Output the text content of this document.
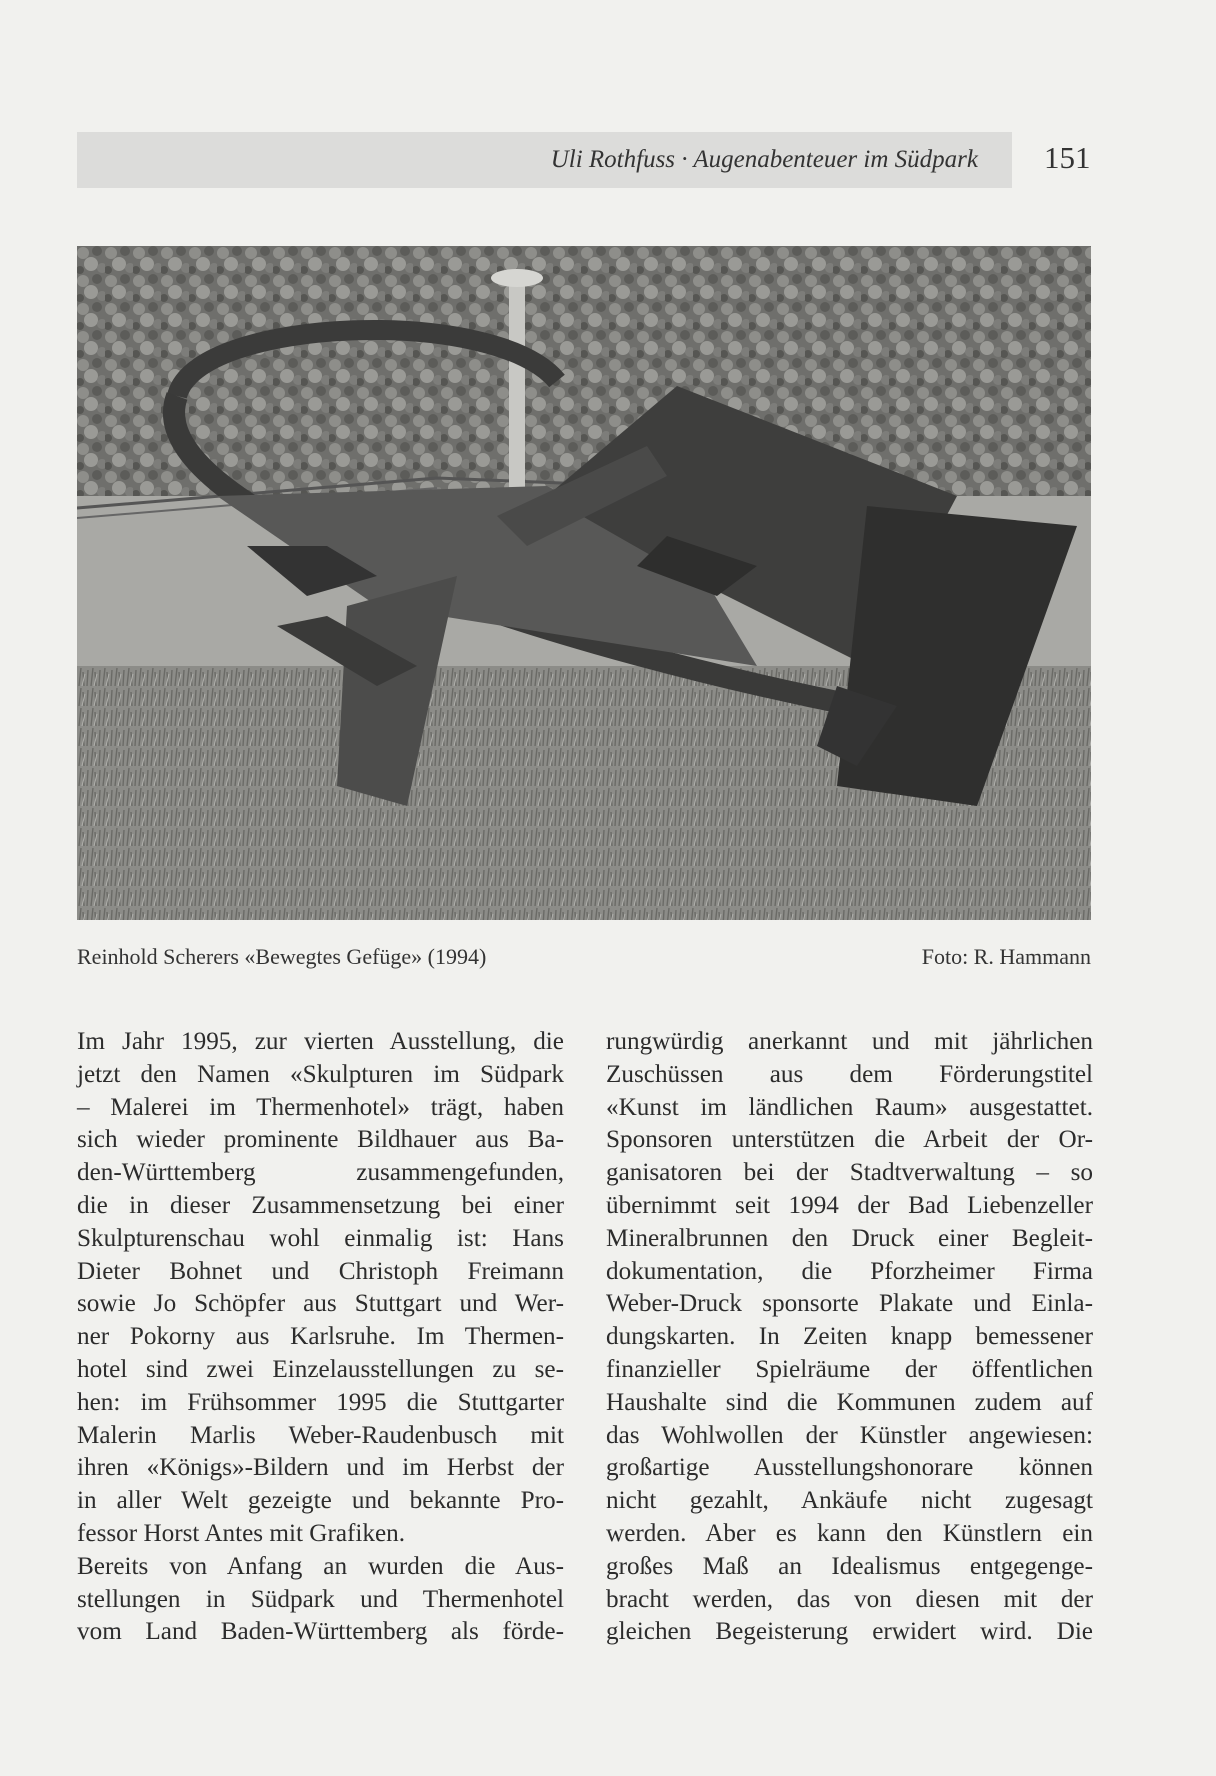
Uli Rothfuss · Augenabenteuer im Südpark 151
Reinhold Scherers «Bewegtes Gefüge» (1994)	Foto: R. Hammann

Im Jahr 1995, zur vierten Ausstellung, die

jetzt den Namen «Skulpturen im Südpark

– Malerei im Thermenhotel» trägt, haben

sich wieder prominente Bildhauer aus Ba-

den-Württemberg zusammengefunden,

die in dieser Zusammensetzung bei einer

Skulpturenschau wohl einmalig ist: Hans

Dieter Bohnet und Christoph Freimann

sowie Jo Schöpfer aus Stuttgart und Wer-

ner Pokorny aus Karlsruhe. Im Thermen-

hotel sind zwei Einzelausstellungen zu se-

hen: im Frühsommer 1995 die Stuttgarter

Malerin Marlis Weber-Raudenbusch mit

ihren «Königs»-Bildern und im Herbst der

in aller Welt gezeigte und bekannte Pro-

fessor Horst Antes mit Grafiken.

Bereits von Anfang an wurden die Aus-

stellungen in Südpark und Thermenhotel

vom Land Baden-Württemberg als förde-

rungwürdig anerkannt und mit jährlichen

Zuschüssen aus dem Förderungstitel

«Kunst im ländlichen Raum» ausgestattet.

Sponsoren unterstützen die Arbeit der Or-

ganisatoren bei der Stadtverwaltung – so

übernimmt seit 1994 der Bad Liebenzeller

Mineralbrunnen den Druck einer Begleit-

dokumentation, die Pforzheimer Firma

Weber-Druck sponsorte Plakate und Einla-

dungskarten. In Zeiten knapp bemessener

finanzieller Spielräume der öffentlichen

Haushalte sind die Kommunen zudem auf

das Wohlwollen der Künstler angewiesen:

großartige Ausstellungshonorare können

nicht gezahlt, Ankäufe nicht zugesagt

werden. Aber es kann den Künstlern ein

großes Maß an Idealismus entgegenge-

bracht werden, das von diesen mit der

gleichen Begeisterung erwidert wird. Die
